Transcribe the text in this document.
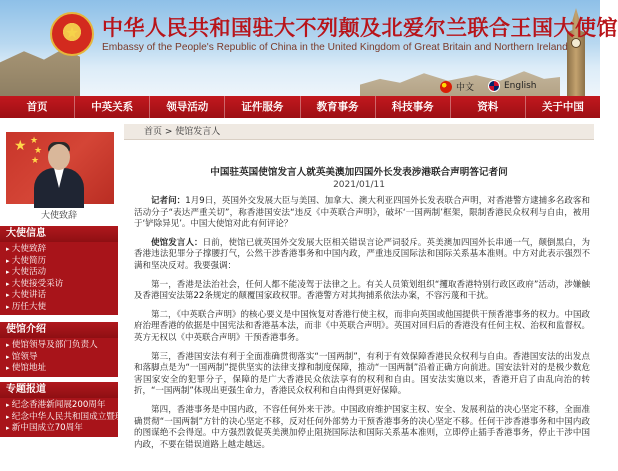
★	中华人民共和国驻大不列颠及北爱尔兰联合王国大使馆
Embassy of the People's Republic of China in the United Kingdom of Great Britain and Northern Ireland
中文	English
首页	中英关系	领导活动	证件服务	教育事务	科技事务	资料	关于中国
★ ★
★
★
大使致辞
大使信息
▸ 大使致辞
▸ 大使简历
▸ 大使活动
▸ 大使接受采访
▸ 大使讲话
▸ 历任大使
使馆介绍
▸ 使馆领导及部门负责人
▸ 馆领导
▸ 使馆地址
专题报道
▸ 纪念香港新闻展200周年
▸ 纪念中华人民共和国成立暨现代化
▸ 新中国成立70周年
首页 > 使馆发言人
中国驻英国使馆发言人就英美澳加四国外长发表涉港联合声明答记者问
2021/01/11

记者问：1月9日，英国外交发展大臣与美国、加拿大、澳大利亚四国外长发表联合声明，对香港警方逮捕多名政客和活动分子“表达严重关切”，称香港国安法“违反《中英联合声明》，破坏‘一国两制’框架，限制香港民众权利与自由，被用于‘铲除异见’。中国大使馆对此有何评论？

使馆发言人：日前，使馆已就英国外交发展大臣相关错误言论严词驳斥。英美澳加四国外长串通一气，颠倒黑白，为香港违法犯罪分子撑腰打气，公然干涉香港事务和中国内政，严重违反国际法和国际关系基本准则。中方对此表示强烈不满和坚决反对。我要强调：

第一，香港是法治社会，任何人都不能凌驾于法律之上。有关人员策划组织“攫取香港特别行政区政府”活动，涉嫌触及香港国安法第22条规定的颠覆国家政权罪。香港警方对其拘捕系依法办案，不容污蔑和干扰。

第二，《中英联合声明》的核心要义是中国恢复对香港行使主权，而非向英国或他国提供干预香港事务的权力。中国政府治理香港的依据是中国宪法和香港基本法，而非《中英联合声明》。英国对回归后的香港没有任何主权、治权和监督权。英方无权以《中英联合声明》干预香港事务。

第三，香港国安法有利于全面准确贯彻落实“一国两制”，有利于有效保障香港民众权利与自由。香港国安法的出发点和落脚点是为“一国两制”提供坚实的法律支撑和制度保障，推动“一国两制”沿着正确方向前进。国安法针对的是极少数危害国家安全的犯罪分子，保障的是广大香港民众依法享有的权利和自由。国安法实施以来，香港开启了由乱向治的转折，“一国两制”体现出更强生命力，香港民众权利和自由得到更好保障。

第四，香港事务是中国内政，不容任何外来干涉。中国政府维护国家主权、安全、发展利益的决心坚定不移，全面准确贯彻“一国两制”方针的决心坚定不移，反对任何外部势力干预香港事务的决心坚定不移。任何干涉香港事务和中国内政的图谋绝不会得逞。中方强烈敦促英美澳加停止阻挠国际法和国际关系基本准则，立即停止插手香港事务，停止干涉中国内政，不要在错误道路上越走越远。
